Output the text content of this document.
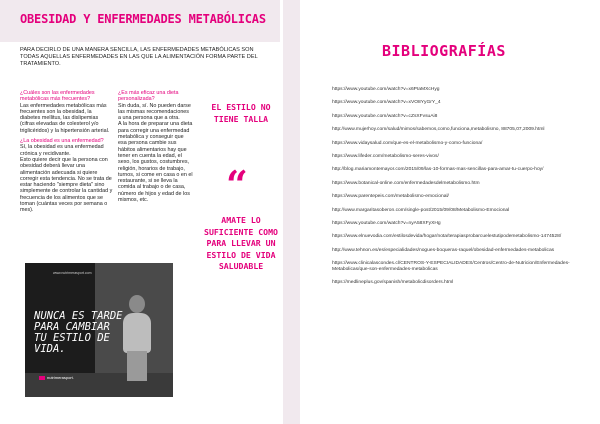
OBESIDAD Y ENFERMEDADES METABÓLICAS
PARA DECIRLO DE UNA MANERA SENCILLA, LAS ENFERMEDADES METABÓLICAS SON TODAS AQUELLAS ENFERMEDADES EN LAS QUE LA ALIMENTACIÓN FORMA PARTE DEL TRATAMIENTO.

¿Cuáles son las enfermedades metabólicas más frecuentes?

Las enfermedades metabólicas más frecuentes son la obesidad, la diabetes mellitus, las dislipemias (cifras elevadas de colesterol y/o triglicéridos) y la hipertensión arterial.

¿La obesidad es una enfermedad?

Sí, la obesidad es una enfermedad crónica y recidivante.

Esto quiere decir que la persona con obesidad deberá llevar una alimentación adecuada si quiere corregir esta tendencia. No se trata de estar haciendo "siempre dieta" sino simplemente de controlar la cantidad y frecuencia de los alimentos que se toman (cuántas veces por semana o mes).

¿Es más eficaz una dieta personalizada?

Sin duda, sí. No pueden darse las mismas recomendaciones a una persona que a otra.

A la hora de preparar una dieta para corregir una enfermedad metabólica y conseguir que esa persona cambie sus hábitos alimentarios hay que tener en cuenta la edad, el sexo, los gustos, costumbres, religión, horarios de trabajo, turnos, si come en casa o en el restaurante, si se lleva la comida al trabajo o de casa, número de hijos y edad de los mismos, etc.

www.nutrimerasport.com
NUNCA ES TARDE PARA CAMBIAR TU ESTILO DE VIDA.
nutrimerasport.
EL ESTILO NO TIENE TALLA
“
AMATE LO SUFICIENTE COMO PARA LLEVAR UN ESTILO DE VIDA SALUDABLE
BIBLIOGRAFÍAS
https://www.youtube.com/watch?v=x6PIaMXcHyg
https://www.youtube.com/watch?v=xVO8YyGrY_4
https://www.youtube.com/watch?v=cZsXFvsuAi8
http://www.mujerhoy.com/salud/mimos/sabemos,como,funciona,metabolismo, 88705,07,2009.html
https://www.vidaysalud.com/que-es-el-metabolismo-y-como-funciona/
https://www.lifeder.com/metabolismo-seres-vivos/
http://blog.mariamontemayor.com/2015/09/las-10-formas-mas-sencillas-para-amar-tu-cuerpo-hoy/
https://www.botanical-online.com/enfermedadesdelmetabolismo.htm
https://www.parentepeis.com/metabolismo-emocional/
http://www.margaritasoberon.com/single-post/2015/09/08/Metabolismo-Emocional
https://www.youtube.com/watch?v=nyA58XFyXHg
https://www.elnuevodia.com/estilosdevida/hogar/nota/terapiasprobarcuelestutipodemetabolismo-1474528/
http://www.tehnon.es/es/especialidades/nogues-boqueras-raquel/obesidad-enfermedades-metabolicas
https://www.clinicalascondes.cl/CENTROS-Y-ESPECIALIDADES/Centros/Centro-de-Nutricion/Enfermedades-Metabolicas/que-son-enfermedades-metabolicas
https://medlineplus.gov/spanish/metabolicdisorders.html
